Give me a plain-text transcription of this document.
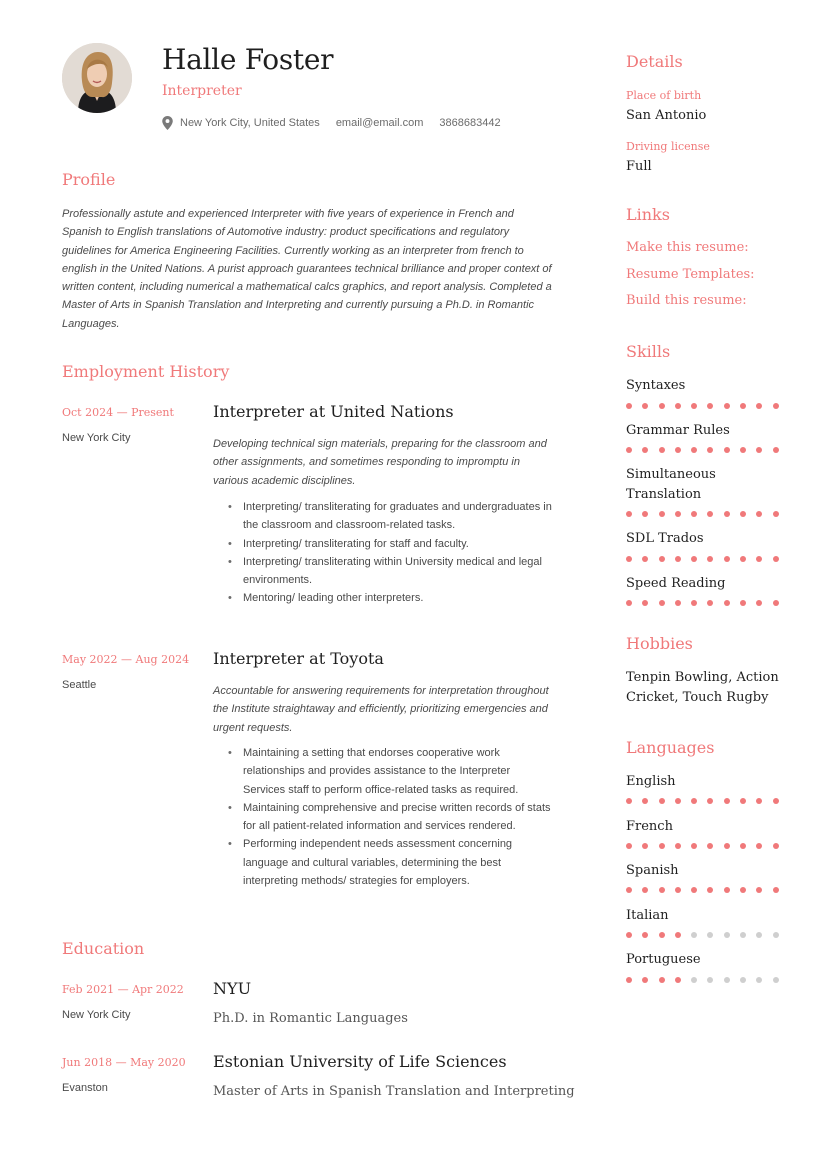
Halle Foster
Interpreter
New York City, United States email@email.com 3868683442
Profile
Professionally astute and experienced Interpreter with five years of experience in French and Spanish to English translations of Automotive industry: product specifications and regulatory guidelines for America Engineering Facilities. Currently working as an interpreter from french to english in the United Nations. A purist approach guarantees technical brilliance and proper context of written content, including numerical a mathematical calcs graphics, and report analysis. Completed a Master of Arts in Spanish Translation and Interpreting and currently pursuing a Ph.D. in Romantic Languages.
Employment History
Oct 2024 — Present
New York City
Interpreter at United Nations
Developing technical sign materials, preparing for the classroom and other assignments, and sometimes responding to impromptu in various academic disciplines.
• Interpreting/ transliterating for graduates and undergraduates in the classroom and classroom-related tasks.
• Interpreting/ transliterating for staff and faculty.
• Interpreting/ transliterating within University medical and legal environments.
• Mentoring/ leading other interpreters.
May 2022 — Aug 2024
Seattle
Interpreter at Toyota
Accountable for answering requirements for interpretation throughout the Institute straightaway and efficiently, prioritizing emergencies and urgent requests.
• Maintaining a setting that endorses cooperative work relationships and provides assistance to the Interpreter Services staff to perform office-related tasks as required.
• Maintaining comprehensive and precise written records of stats for all patient-related information and services rendered.
• Performing independent needs assessment concerning language and cultural variables, determining the best interpreting methods/ strategies for employers.
Education
Feb 2021 — Apr 2022
New York City
NYU
Ph.D. in Romantic Languages
Jun 2018 — May 2020
Evanston
Estonian University of Life Sciences
Master of Arts in Spanish Translation and Interpreting
Details
Place of birth
San Antonio
Driving license
Full
Links
Make this resume:
Resume Templates:
Build this resume:
Skills
Syntaxes
Grammar Rules
Simultaneous Translation
SDL Trados
Speed Reading
Hobbies
Tenpin Bowling, Action Cricket, Touch Rugby
Languages
English
French
Spanish
Italian
Portuguese
